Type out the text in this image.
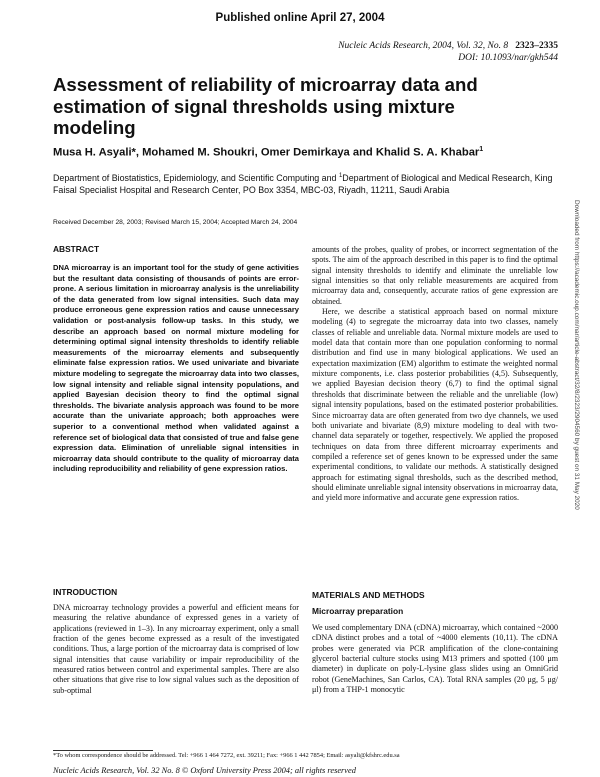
Published online April 27, 2004
Nucleic Acids Research, 2004, Vol. 32, No. 8 2323–2335
DOI: 10.1093/nar/gkh544
Assessment of reliability of microarray data and estimation of signal thresholds using mixture modeling
Musa H. Asyali*, Mohamed M. Shoukri, Omer Demirkaya and Khalid S. A. Khabar$^1$
Department of Biostatistics, Epidemiology, and Scientific Computing and $^1$Department of Biological and Medical Research, King Faisal Specialist Hospital and Research Center, PO Box 3354, MBC-03, Riyadh, 11211, Saudi Arabia
Received December 28, 2003; Revised March 15, 2004; Accepted March 24, 2004
ABSTRACT

DNA microarray is an important tool for the study of gene activities but the resultant data consisting of thousands of points are error-prone. A serious limitation in microarray analysis is the unreliability of the data generated from low signal intensities. Such data may produce erroneous gene expression ratios and cause unnecessary validation or post-analysis follow-up tasks. In this study, we describe an approach based on normal mixture modeling for determining optimal signal intensity thresholds to identify reliable measurements of the microarray elements and subsequently eliminate false expression ratios. We used univariate and bivariate mixture modeling to segregate the microarray data into two classes, low signal intensity and reliable signal intensity populations, and applied Bayesian decision theory to find the optimal signal thresholds. The bivariate analysis approach was found to be more accurate than the univariate approach; both approaches were superior to a conventional method when validated against a reference set of biological data that consisted of true and false gene expression data. Elimination of unreliable signal intensities in microarray data should contribute to the quality of microarray data including reproducibility and reliability of gene expression ratios.

INTRODUCTION

DNA microarray technology provides a powerful and efficient means for measuring the relative abundance of expressed genes in a variety of applications (reviewed in 1–3). In any microarray experiment, only a small fraction of the genes become expressed as a result of the investigated conditions. Thus, a large portion of the microarray data is comprised of low signal intensities that cause variability or impair reproducibility of the measured ratios between control and experimental samples. There are also other situations that give rise to low signal values such as the deposition of sub-optimal

amounts of the probes, quality of probes, or incorrect segmentation of the spots. The aim of the approach described in this paper is to find the optimal signal intensity thresholds to identify and eliminate the unreliable low signal intensities so that only reliable measurements are acquired from microarray data and, consequently, accurate ratios of gene expression are obtained.

Here, we describe a statistical approach based on normal mixture modeling (4) to segregate the microarray data into two classes, namely classes of reliable and unreliable data. Normal mixture models are used to model data that contain more than one population conforming to normal distribution and find use in many biological applications. We used an expectation maximization (EM) algorithm to estimate the weighted normal mixture components, i.e. class posterior probabilities (4,5). Subsequently, we applied Bayesian decision theory (6,7) to find the optimal signal thresholds that discriminate between the reliable and the unreliable (low) signal intensity populations, based on the estimated posterior probabilities. Since microarray data are often generated from two dye channels, we used both univariate and bivariate (8,9) mixture modeling to deal with two-channel data separately or together, respectively. We applied the proposed techniques on data from three different microarray experiments and compiled a reference set of genes known to be expressed under the same experimental conditions, to validate our methods. A statistically designed approach for estimating signal thresholds, such as the described method, should eliminate unreliable signal intensity observations in microarray data, and yield more informative and accurate gene expression ratios.

MATERIALS AND METHODS
Microarray preparation

We used complementary DNA (cDNA) microarray, which contained ~2000 cDNA distinct probes and a total of ~4000 elements (10,11). The cDNA probes were generated via PCR amplification of the clone-containing glycerol bacterial culture stocks using M13 primers and spotted (100 μm diameter) in duplicate on poly-L-lysine glass slides using an OmniGrid robot (GeneMachines, San Carlos, CA). Total RNA samples (20 μg, 5 μg/μl) from a THP-1 monocytic

*To whom correspondence should be addressed. Tel: +966 1 464 7272, ext. 39211; Fax: +966 1 442 7854; Email: asyali@kfshrc.edu.sa
Nucleic Acids Research, Vol. 32 No. 8 © Oxford University Press 2004; all rights reserved
Downloaded from https://academic.oup.com/nar/article-abstract/32/8/2323/2904560 by guest on 31 May 2020
